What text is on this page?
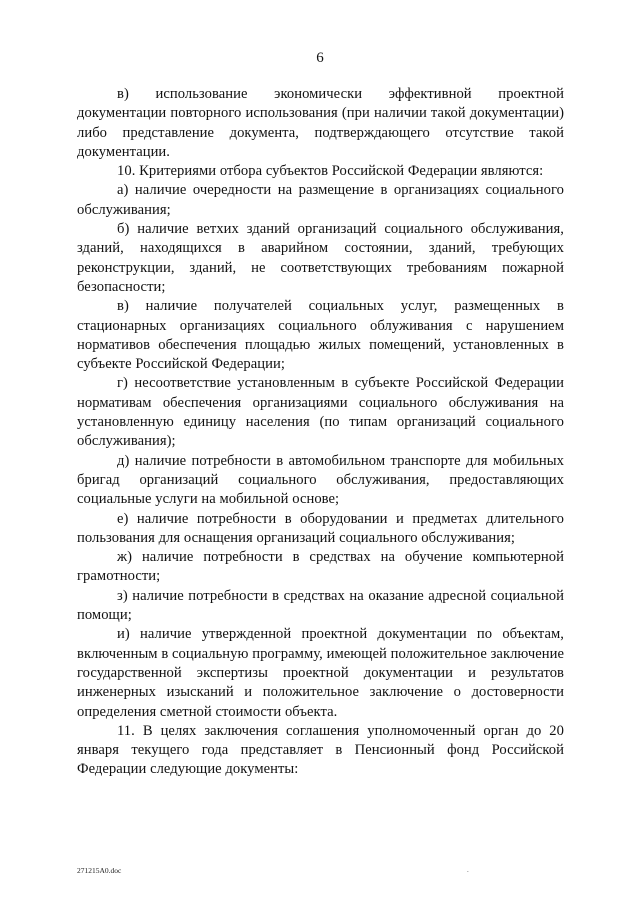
6

в) использование экономически эффективной проектной документации повторного использования (при наличии такой документации) либо представление документа, подтверждающего отсутствие такой документации.

10. Критериями отбора субъектов Российской Федерации являются:

а) наличие очередности на размещение в организациях социального обслуживания;

б) наличие ветхих зданий организаций социального обслуживания, зданий, находящихся в аварийном состоянии, зданий, требующих реконструкции, зданий, не соответствующих требованиям пожарной безопасности;

в) наличие получателей социальных услуг, размещенных в стационарных организациях социального облуживания с нарушением нормативов обеспечения площадью жилых помещений, установленных в субъекте Российской Федерации;

г) несоответствие установленным в субъекте Российской Федерации нормативам обеспечения организациями социального обслуживания на установленную единицу населения (по типам организаций социального обслуживания);

д) наличие потребности в автомобильном транспорте для мобильных бригад организаций социального обслуживания, предоставляющих социальные услуги на мобильной основе;

е) наличие потребности в оборудовании и предметах длительного пользования для оснащения организаций социального обслуживания;

ж) наличие потребности в средствах на обучение компьютерной грамотности;

з) наличие потребности в средствах на оказание адресной социальной помощи;

и) наличие утвержденной проектной документации по объектам, включенным в социальную программу, имеющей положительное заключение государственной экспертизы проектной документации и результатов инженерных изысканий и положительное заключение о достоверности определения сметной стоимости объекта.

11. В целях заключения соглашения уполномоченный орган до 20 января текущего года представляет в Пенсионный фонд Российской Федерации следующие документы:

271215А0.doc	.
